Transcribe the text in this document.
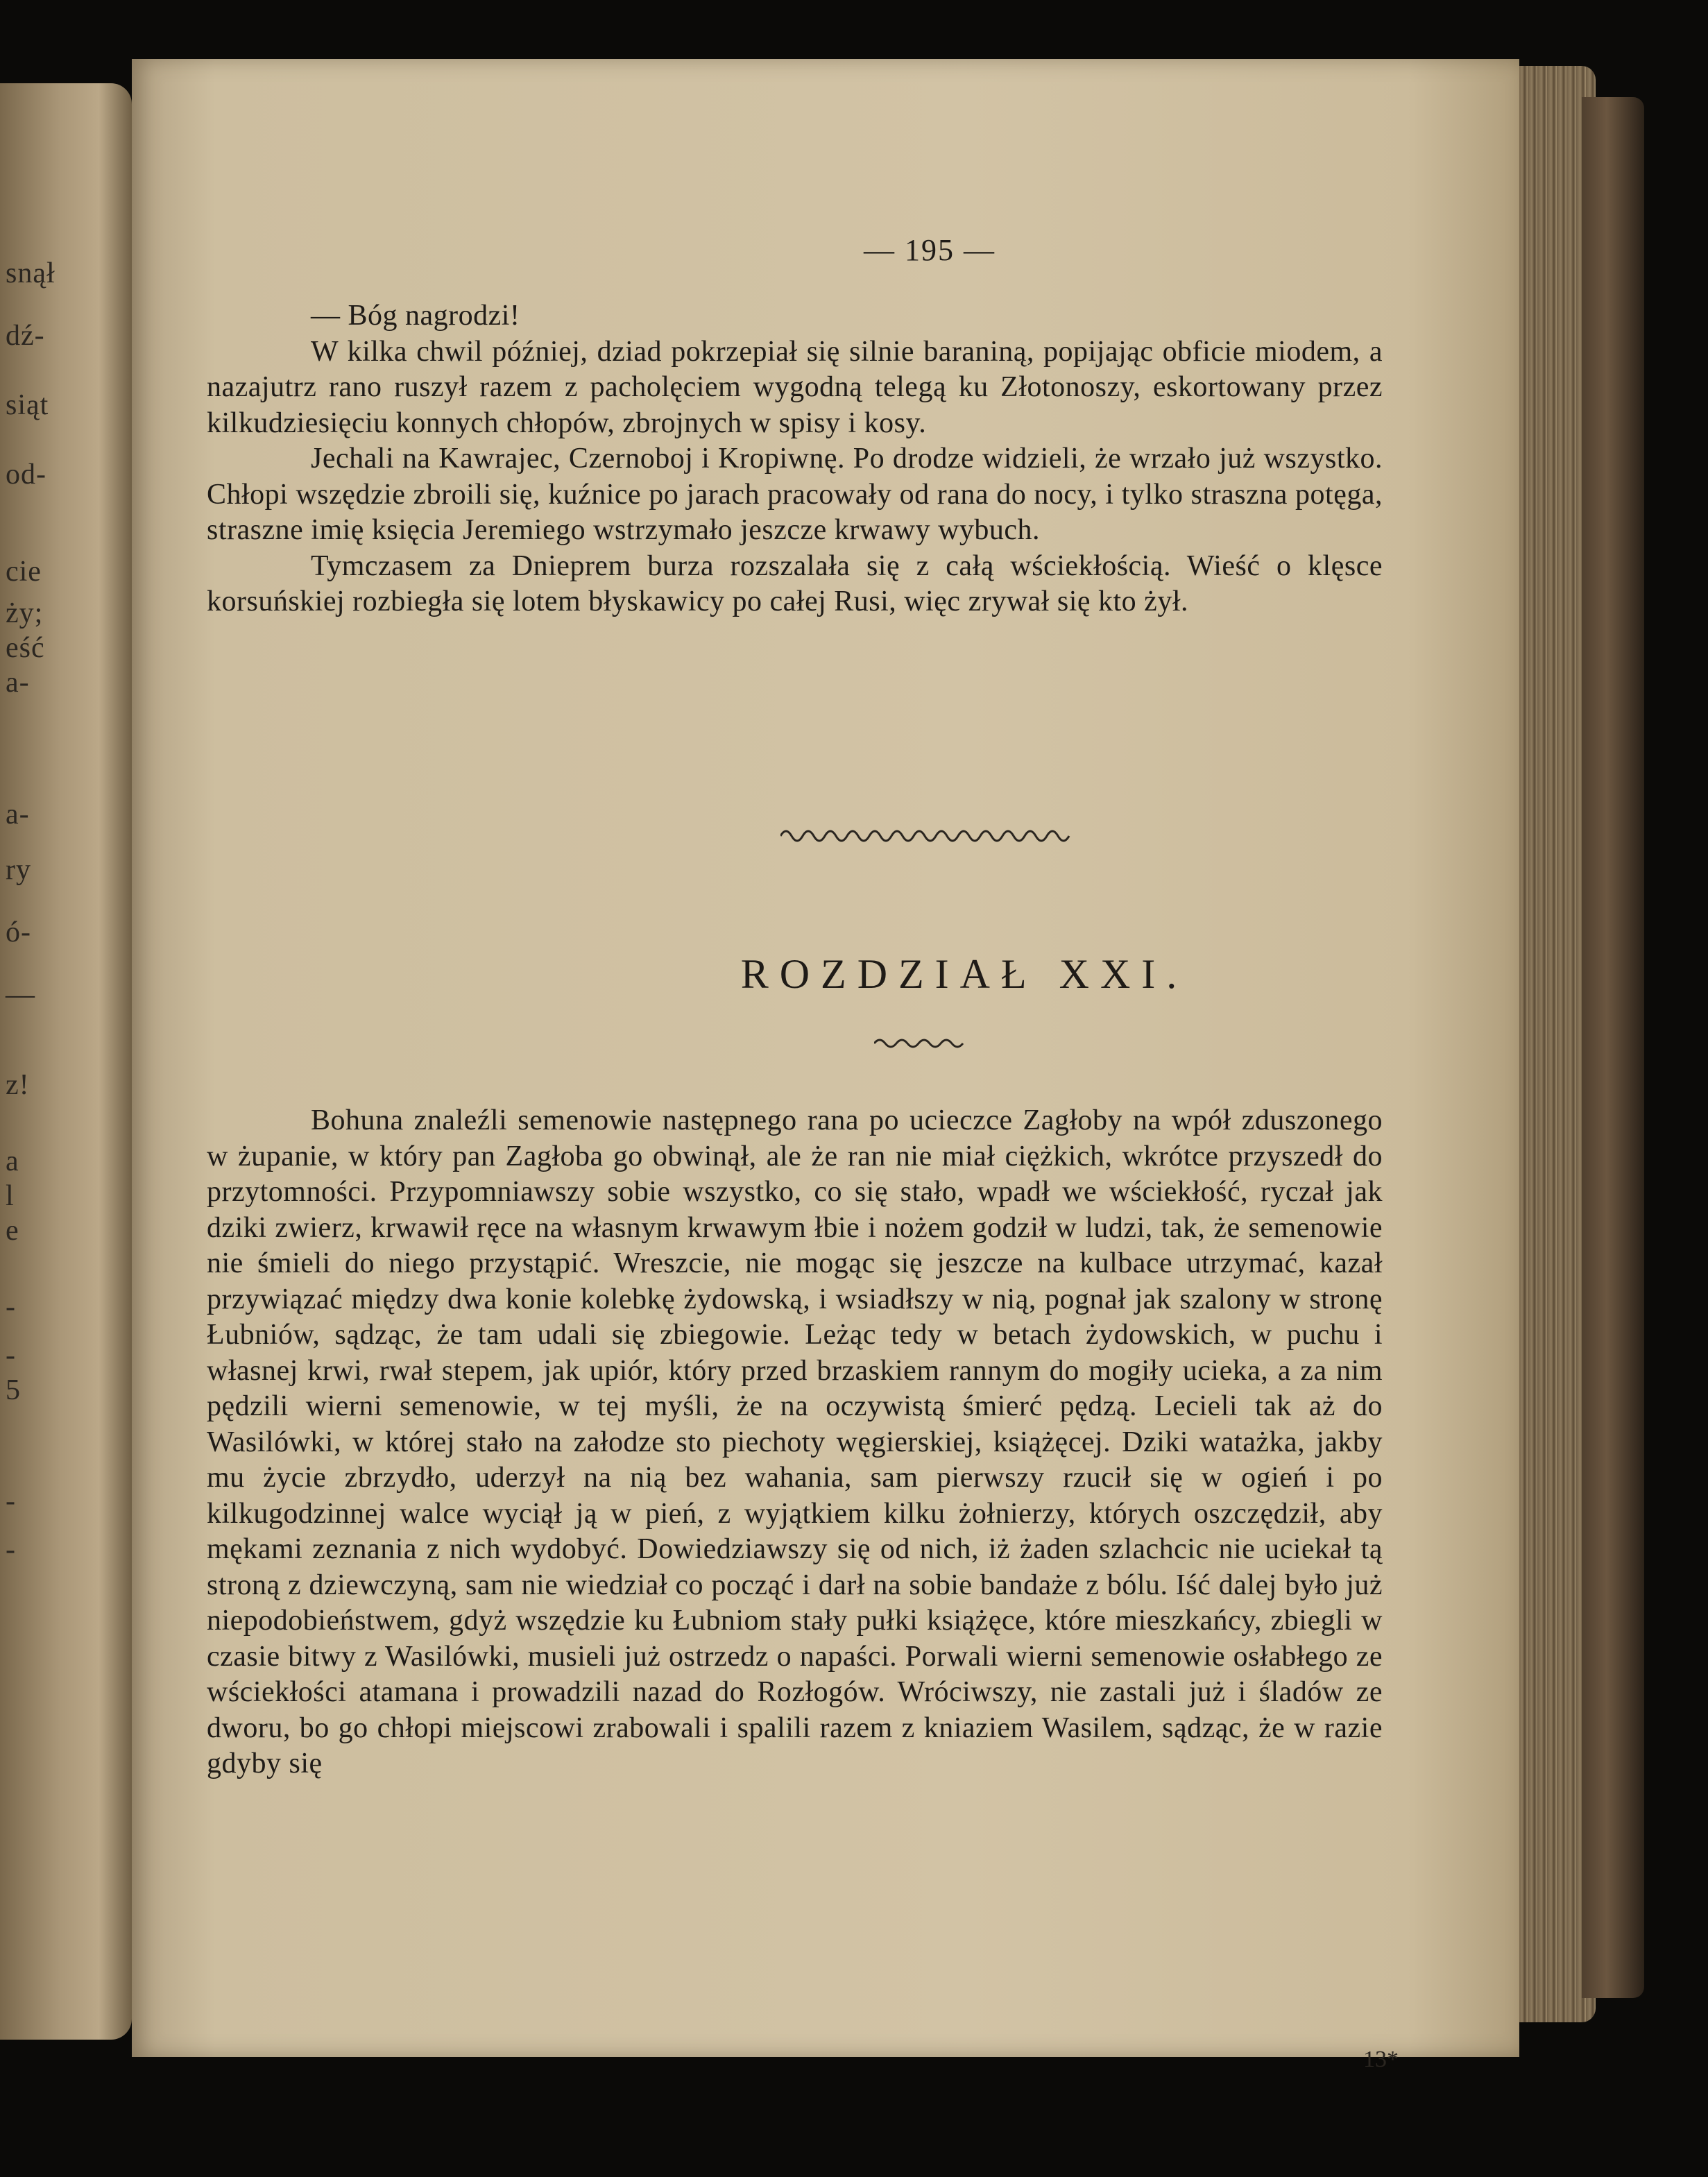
snął
dź-
siąt
od-
cie
ży;
eść
a-
a-
ry
ó-
—
z!
a
l
e
-
-
5
-
-
— 195 —

— Bóg nagrodzi!

W kilka chwil później, dziad pokrzepiał się silnie baraniną, popijając obficie miodem, a nazajutrz rano ruszył razem z pacholęciem wygodną telegą ku Złotonoszy, eskortowany przez kilkudziesięciu konnych chłopów, zbrojnych w spisy i kosy.

Jechali na Kawrajec, Czernoboj i Kropiwnę. Po drodze widzieli, że wrzało już wszystko. Chłopi wszędzie zbroili się, kuźnice po jarach pracowały od rana do nocy, i tylko straszna potęga, straszne imię księcia Jeremiego wstrzymało jeszcze krwawy wybuch.

Tymczasem za Dnieprem burza rozszalała się z całą wściekłością. Wieść o klęsce korsuńskiej rozbiegła się lotem błyskawicy po całej Rusi, więc zrywał się kto żył.

ROZDZIAŁ XXI.

Bohuna znaleźli semenowie następnego rana po ucieczce Zagłoby na wpół zduszonego w żupanie, w który pan Zagłoba go obwinął, ale że ran nie miał ciężkich, wkrótce przyszedł do przytomności. Przypomniawszy sobie wszystko, co się stało, wpadł we wściekłość, ryczał jak dziki zwierz, krwawił ręce na własnym krwawym łbie i nożem godził w ludzi, tak, że semenowie nie śmieli do niego przystąpić. Wreszcie, nie mogąc się jeszcze na kulbace utrzymać, kazał przywiązać między dwa konie kolebkę żydowską, i wsiadłszy w nią, pognał jak szalony w stronę Łubniów, sądząc, że tam udali się zbiegowie. Leżąc tedy w betach żydowskich, w puchu i własnej krwi, rwał stepem, jak upiór, który przed brzaskiem rannym do mogiły ucieka, a za nim pędzili wierni semenowie, w tej myśli, że na oczywistą śmierć pędzą. Lecieli tak aż do Wasilówki, w której stało na załodze sto piechoty węgierskiej, książęcej. Dziki watażka, jakby mu życie zbrzydło, uderzył na nią bez wahania, sam pierwszy rzucił się w ogień i po kilkugodzinnej walce wyciął ją w pień, z wyjątkiem kilku żołnierzy, których oszczędził, aby mękami zeznania z nich wydobyć. Dowiedziawszy się od nich, iż żaden szlachcic nie uciekał tą stroną z dziewczyną, sam nie wiedział co począć i darł na sobie bandaże z bólu. Iść dalej było już niepodobieństwem, gdyż wszędzie ku Łubniom stały pułki książęce, które mieszkańcy, zbiegli w czasie bitwy z Wasilówki, musieli już ostrzedz o napaści. Porwali wierni semenowie osłabłego ze wściekłości atamana i prowadzili nazad do Rozłogów. Wróciwszy, nie zastali już i śladów ze dworu, bo go chłopi miejscowi zrabowali i spalili razem z kniaziem Wasilem, sądząc, że w razie gdyby się

13*
